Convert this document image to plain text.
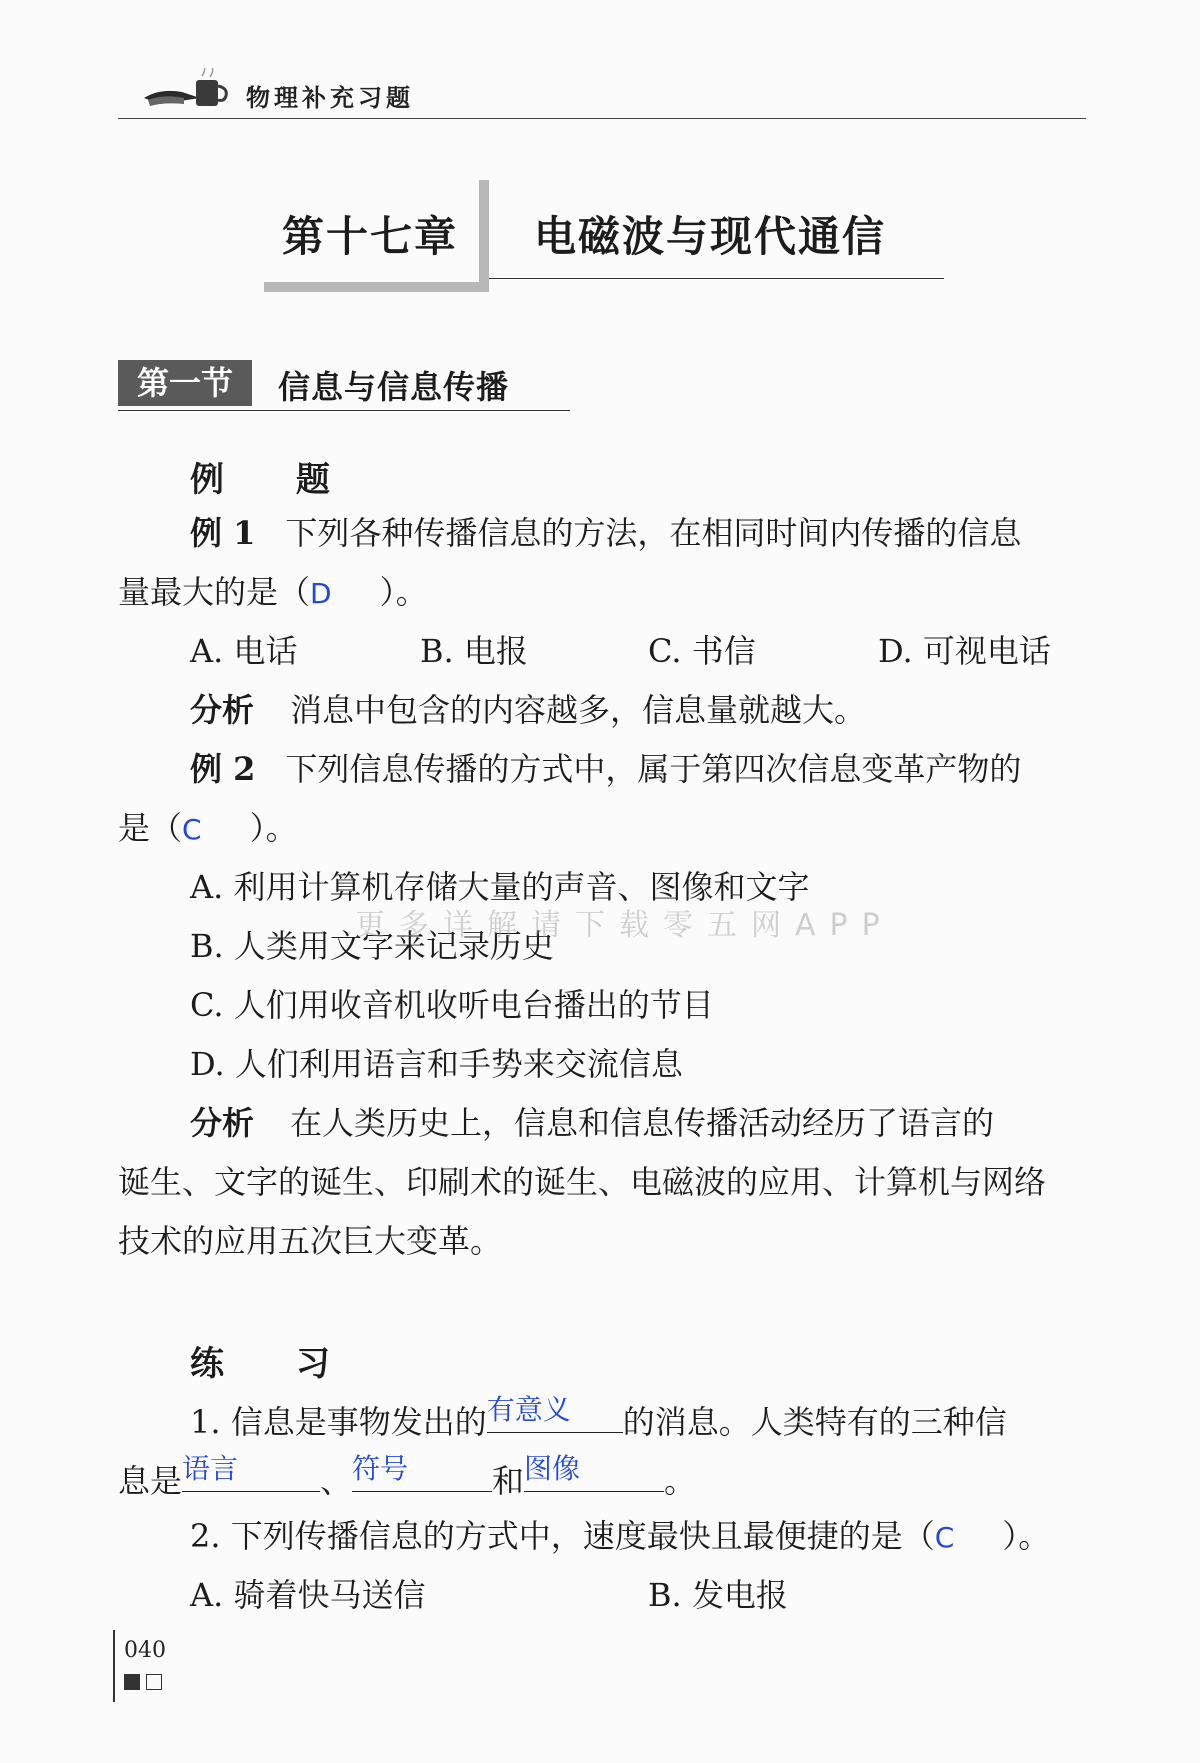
物理补充习题
第十七章 电磁波与现代通信
第一节	信息与信息传播
例 题
例 1 下列各种传播信息的方法，在相同时间内传播的信息
量最大的是（D ）。
A. 电话	B. 电报	C. 书信	D. 可视电话
分析 消息中包含的内容越多，信息量就越大。
例 2 下列信息传播的方式中，属于第四次信息变革产物的
是（C ）。
A. 利用计算机存储大量的声音、图像和文字
B. 人类用文字来记录历史
C. 人们用收音机收听电台播出的节目
D. 人们利用语言和手势来交流信息
更多详解请下载零五网APP
分析 在人类历史上，信息和信息传播活动经历了语言的
诞生、文字的诞生、印刷术的诞生、电磁波的应用、计算机与网络
技术的应用五次巨大变革。
练 习
1. 信息是事物发出的 有意义 的消息。人类特有的三种信
息是 语言	、 符号	和 图像	。
2. 下列传播信息的方式中，速度最快且最便捷的是（C ）。
A. 骑着快马送信	B. 发电报
040
